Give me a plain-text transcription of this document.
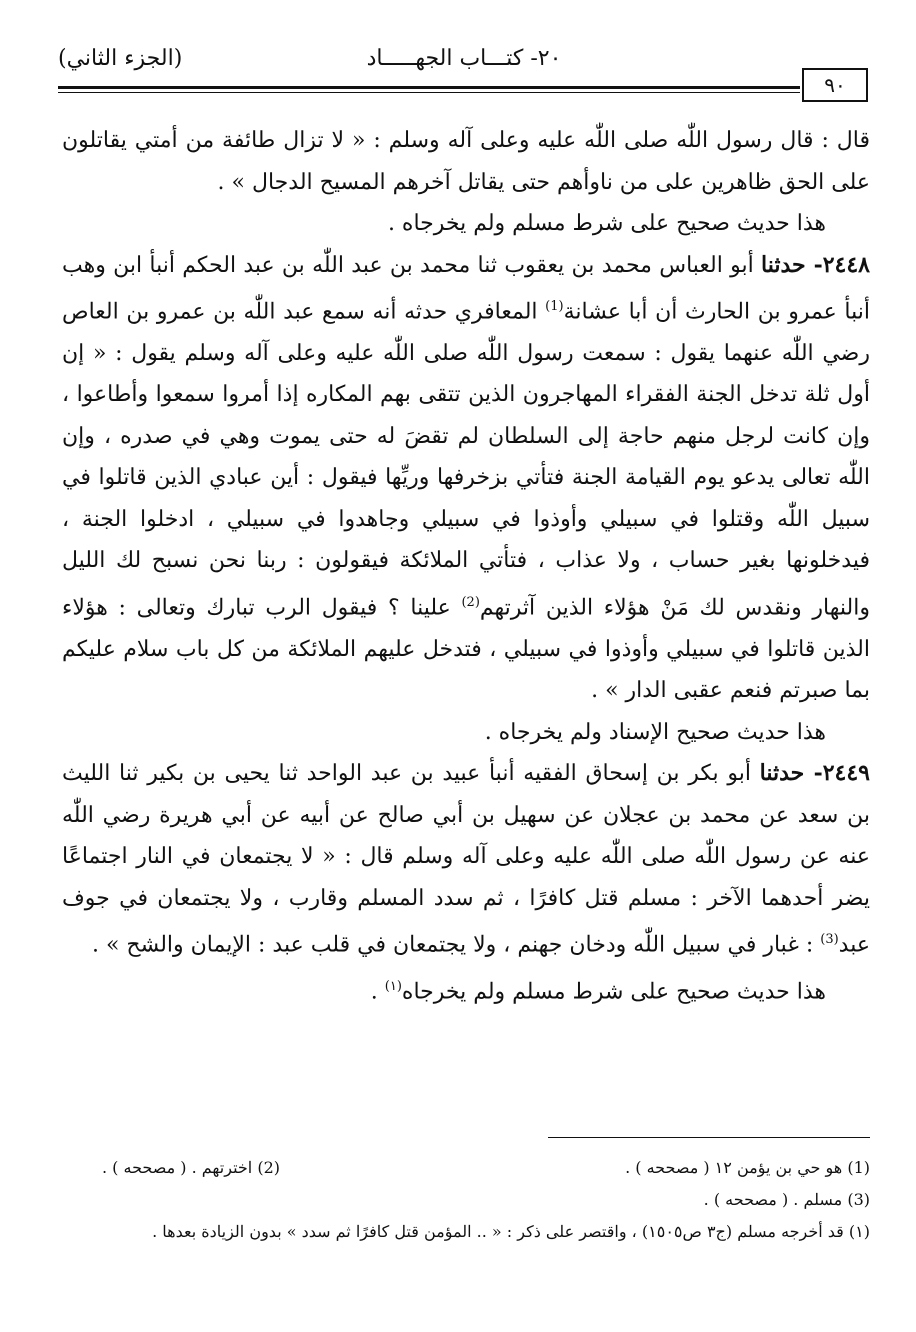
٢٠- كتـــاب الجهـــــاد
(الجزء الثاني)
٩٠

قال : قال رسول اللّٰه صلى اللّٰه عليه وعلى آله وسلم : « لا تزال طائفة من أمتي يقاتلون على الحق ظاهرين على من ناوأهم حتى يقاتل آخرهم المسيح الدجال » .

هذا حديث صحيح على شرط مسلم ولم يخرجاه .

٢٤٤٨- حدثنا أبو العباس محمد بن يعقوب ثنا محمد بن عبد اللّٰه بن عبد الحكم أنبأ ابن وهب أنبأ عمرو بن الحارث أن أبا عشانة$^{(1)}$ المعافري حدثه أنه سمع عبد اللّٰه بن عمرو بن العاص رضي اللّٰه عنهما يقول : سمعت رسول اللّٰه صلى اللّٰه عليه وعلى آله وسلم يقول : « إن أول ثلة تدخل الجنة الفقراء المهاجرون الذين تتقى بهم المكاره إذا أمروا سمعوا وأطاعوا ، وإن كانت لرجل منهم حاجة إلى السلطان لم تقضَ له حتى يموت وهي في صدره ، وإن اللّٰه تعالى يدعو يوم القيامة الجنة فتأتي بزخرفها وريِّها فيقول : أين عبادي الذين قاتلوا في سبيل اللّٰه وقتلوا في سبيلي وأوذوا في سبيلي وجاهدوا في سبيلي ، ادخلوا الجنة ، فيدخلونها بغير حساب ، ولا عذاب ، فتأتي الملائكة فيقولون : ربنا نحن نسبح لك الليل والنهار ونقدس لك مَنْ هؤلاء الذين آثرتهم$^{(2)}$ علينا ؟ فيقول الرب تبارك وتعالى : هؤلاء الذين قاتلوا في سبيلي وأوذوا في سبيلي ، فتدخل عليهم الملائكة من كل باب سلام عليكم بما صبرتم فنعم عقبى الدار » .

هذا حديث صحيح الإسناد ولم يخرجاه .

٢٤٤٩- حدثنا أبو بكر بن إسحاق الفقيه أنبأ عبيد بن عبد الواحد ثنا يحيى بن بكير ثنا الليث بن سعد عن محمد بن عجلان عن سهيل بن أبي صالح عن أبيه عن أبي هريرة رضي اللّٰه عنه عن رسول اللّٰه صلى اللّٰه عليه وعلى آله وسلم قال : « لا يجتمعان في النار اجتماعًا يضر أحدهما الآخر : مسلم قتل كافرًا ، ثم سدد المسلم وقارب ، ولا يجتمعان في جوف عبد$^{(3)}$ : غبار في سبيل اللّٰه ودخان جهنم ، ولا يجتمعان في قلب عبد : الإيمان والشح » .

هذا حديث صحيح على شرط مسلم ولم يخرجاه$^{(١)}$ .

(1) هو حي بن يؤمن ١٢ ( مصححه ) .
(2) اخترتهم . ( مصححه ) .
(3) مسلم . ( مصححه ) .
(١) قد أخرجه مسلم (ج٣ ص١٥٠٥) ، واقتصر على ذكر : « .. المؤمن قتل كافرًا ثم سدد » بدون الزيادة بعدها .
